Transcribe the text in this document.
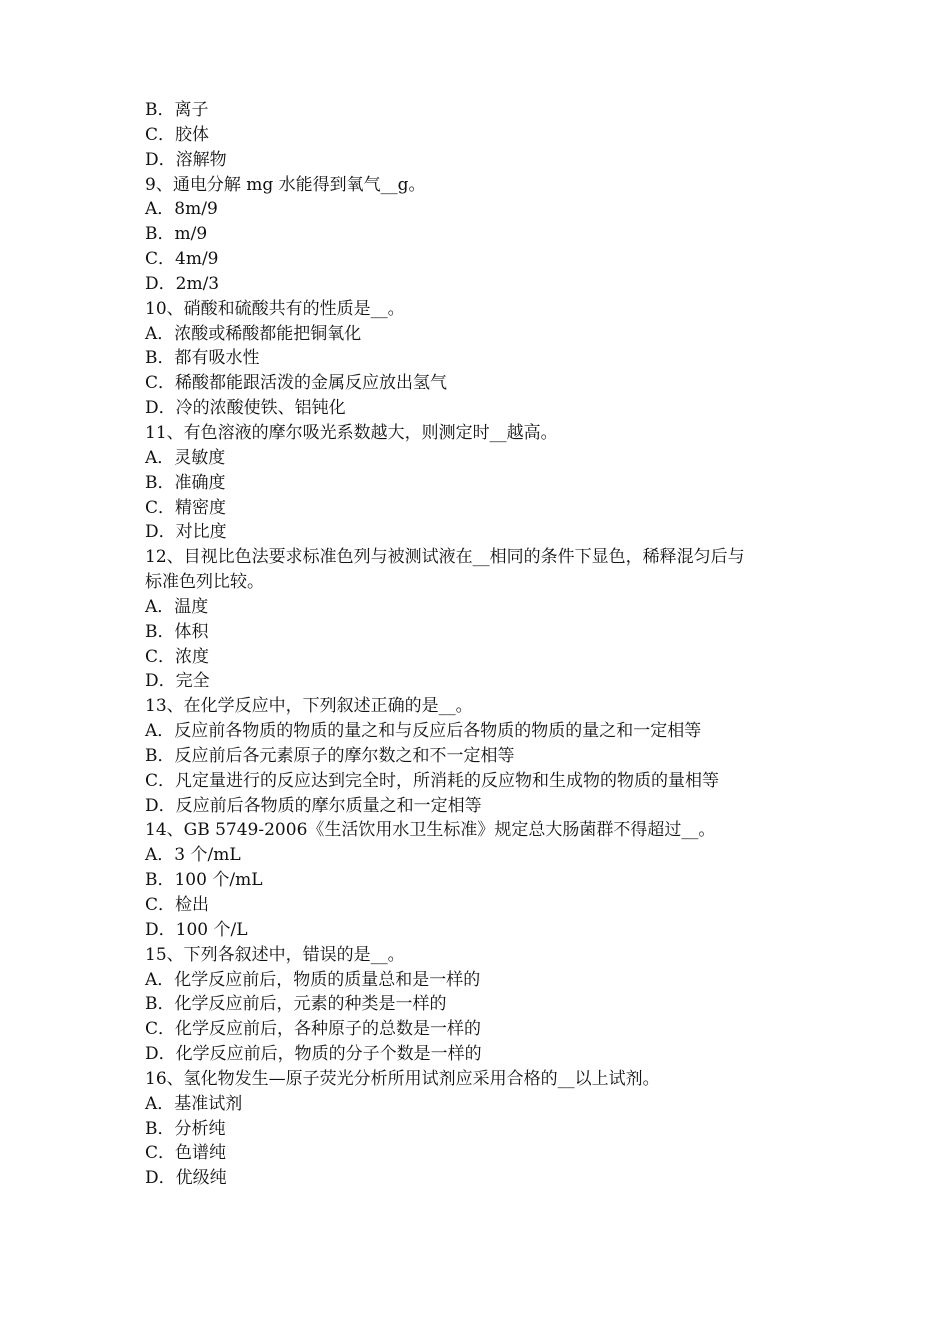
B．离子
C．胶体
D．溶解物
9、通电分解 mg 水能得到氧气__g。
A．8m/9
B．m/9
C．4m/9
D．2m/3
10、硝酸和硫酸共有的性质是__。
A．浓酸或稀酸都能把铜氧化
B．都有吸水性
C．稀酸都能跟活泼的金属反应放出氢气
D．冷的浓酸使铁、铝钝化
11、有色溶液的摩尔吸光系数越大，则测定时__越高。
A．灵敏度
B．准确度
C．精密度
D．对比度
12、目视比色法要求标准色列与被测试液在__相同的条件下显色，稀释混匀后与
标准色列比较。
A．温度
B．体积
C．浓度
D．完全
13、在化学反应中，下列叙述正确的是__。
A．反应前各物质的物质的量之和与反应后各物质的物质的量之和一定相等
B．反应前后各元素原子的摩尔数之和不一定相等
C．凡定量进行的反应达到完全时，所消耗的反应物和生成物的物质的量相等
D．反应前后各物质的摩尔质量之和一定相等
14、GB 5749-2006《生活饮用水卫生标准》规定总大肠菌群不得超过__。
A．3 个/mL
B．100 个/mL
C．检出
D．100 个/L
15、下列各叙述中，错误的是__。
A．化学反应前后，物质的质量总和是一样的
B．化学反应前后，元素的种类是一样的
C．化学反应前后，各种原子的总数是一样的
D．化学反应前后，物质的分子个数是一样的
16、氢化物发生—原子荧光分析所用试剂应采用合格的__以上试剂。
A．基准试剂
B．分析纯
C．色谱纯
D．优级纯
